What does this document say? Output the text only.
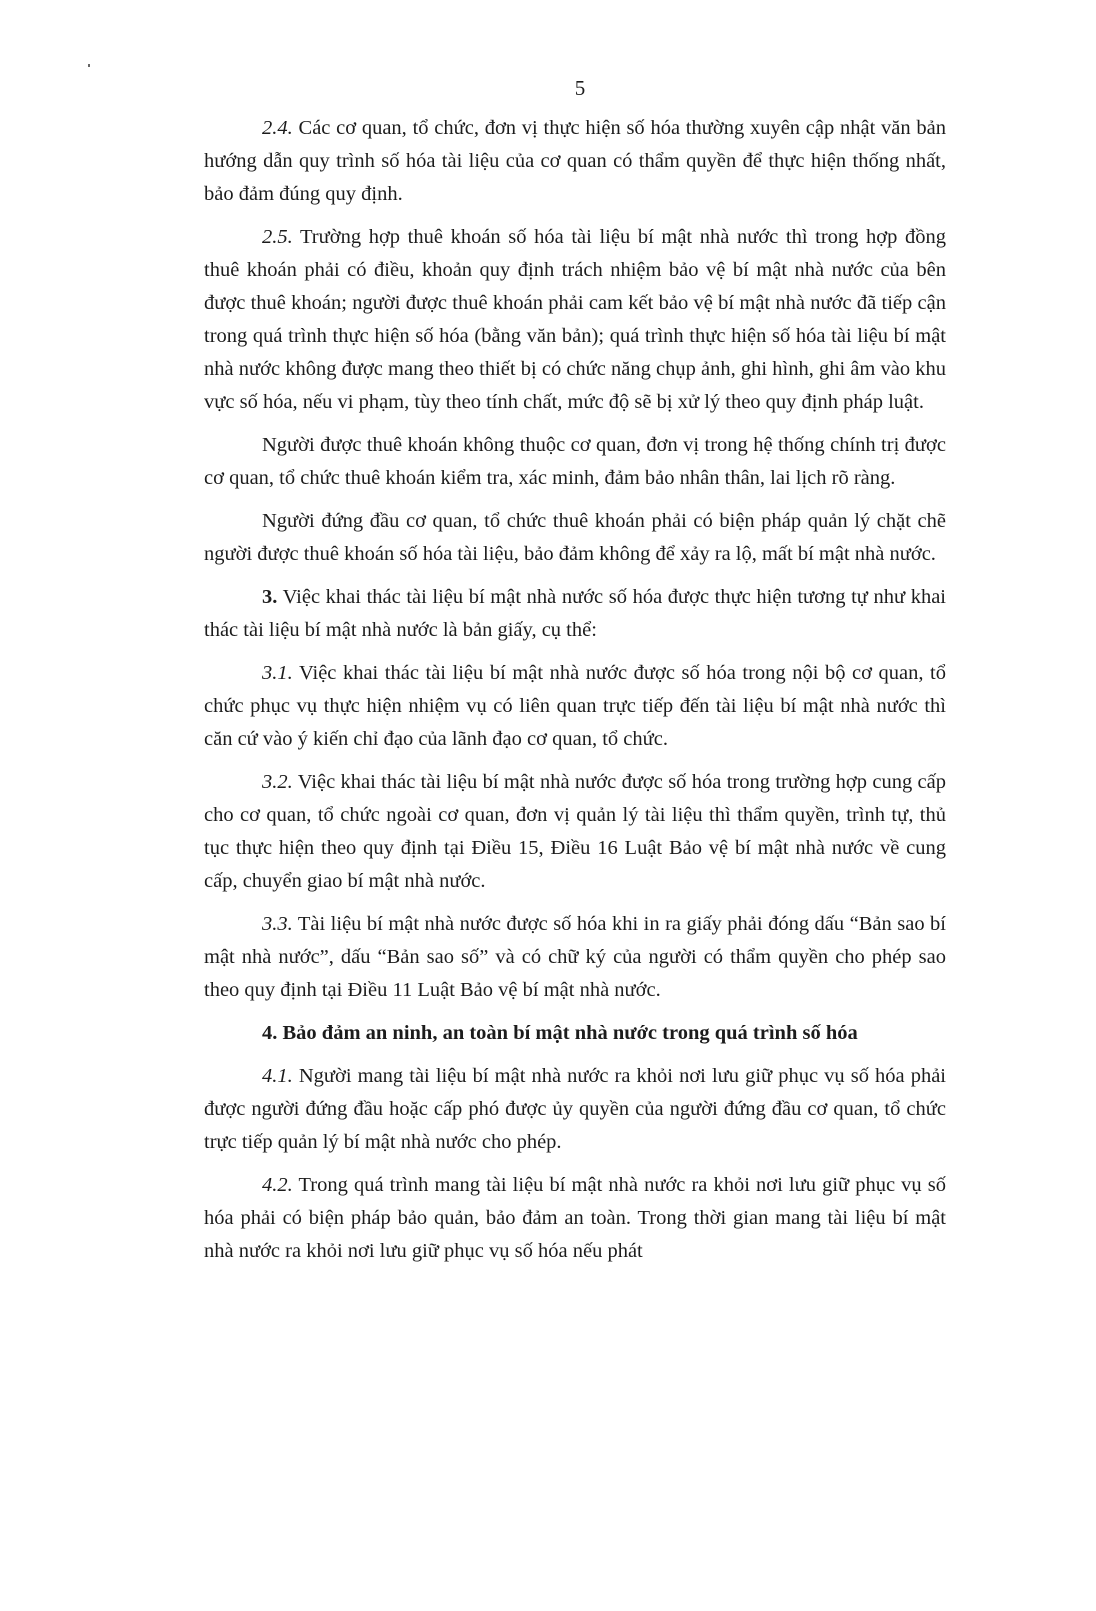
5

2.4. Các cơ quan, tổ chức, đơn vị thực hiện số hóa thường xuyên cập nhật văn bản hướng dẫn quy trình số hóa tài liệu của cơ quan có thẩm quyền để thực hiện thống nhất, bảo đảm đúng quy định.

2.5. Trường hợp thuê khoán số hóa tài liệu bí mật nhà nước thì trong hợp đồng thuê khoán phải có điều, khoản quy định trách nhiệm bảo vệ bí mật nhà nước của bên được thuê khoán; người được thuê khoán phải cam kết bảo vệ bí mật nhà nước đã tiếp cận trong quá trình thực hiện số hóa (bằng văn bản); quá trình thực hiện số hóa tài liệu bí mật nhà nước không được mang theo thiết bị có chức năng chụp ảnh, ghi hình, ghi âm vào khu vực số hóa, nếu vi phạm, tùy theo tính chất, mức độ sẽ bị xử lý theo quy định pháp luật.

Người được thuê khoán không thuộc cơ quan, đơn vị trong hệ thống chính trị được cơ quan, tổ chức thuê khoán kiểm tra, xác minh, đảm bảo nhân thân, lai lịch rõ ràng.

Người đứng đầu cơ quan, tổ chức thuê khoán phải có biện pháp quản lý chặt chẽ người được thuê khoán số hóa tài liệu, bảo đảm không để xảy ra lộ, mất bí mật nhà nước.

3. Việc khai thác tài liệu bí mật nhà nước số hóa được thực hiện tương tự như khai thác tài liệu bí mật nhà nước là bản giấy, cụ thể:

3.1. Việc khai thác tài liệu bí mật nhà nước được số hóa trong nội bộ cơ quan, tổ chức phục vụ thực hiện nhiệm vụ có liên quan trực tiếp đến tài liệu bí mật nhà nước thì căn cứ vào ý kiến chỉ đạo của lãnh đạo cơ quan, tổ chức.

3.2. Việc khai thác tài liệu bí mật nhà nước được số hóa trong trường hợp cung cấp cho cơ quan, tổ chức ngoài cơ quan, đơn vị quản lý tài liệu thì thẩm quyền, trình tự, thủ tục thực hiện theo quy định tại Điều 15, Điều 16 Luật Bảo vệ bí mật nhà nước về cung cấp, chuyển giao bí mật nhà nước.

3.3. Tài liệu bí mật nhà nước được số hóa khi in ra giấy phải đóng dấu “Bản sao bí mật nhà nước”, dấu “Bản sao số” và có chữ ký của người có thẩm quyền cho phép sao theo quy định tại Điều 11 Luật Bảo vệ bí mật nhà nước.

4. Bảo đảm an ninh, an toàn bí mật nhà nước trong quá trình số hóa

4.1. Người mang tài liệu bí mật nhà nước ra khỏi nơi lưu giữ phục vụ số hóa phải được người đứng đầu hoặc cấp phó được ủy quyền của người đứng đầu cơ quan, tổ chức trực tiếp quản lý bí mật nhà nước cho phép.

4.2. Trong quá trình mang tài liệu bí mật nhà nước ra khỏi nơi lưu giữ phục vụ số hóa phải có biện pháp bảo quản, bảo đảm an toàn. Trong thời gian mang tài liệu bí mật nhà nước ra khỏi nơi lưu giữ phục vụ số hóa nếu phát
